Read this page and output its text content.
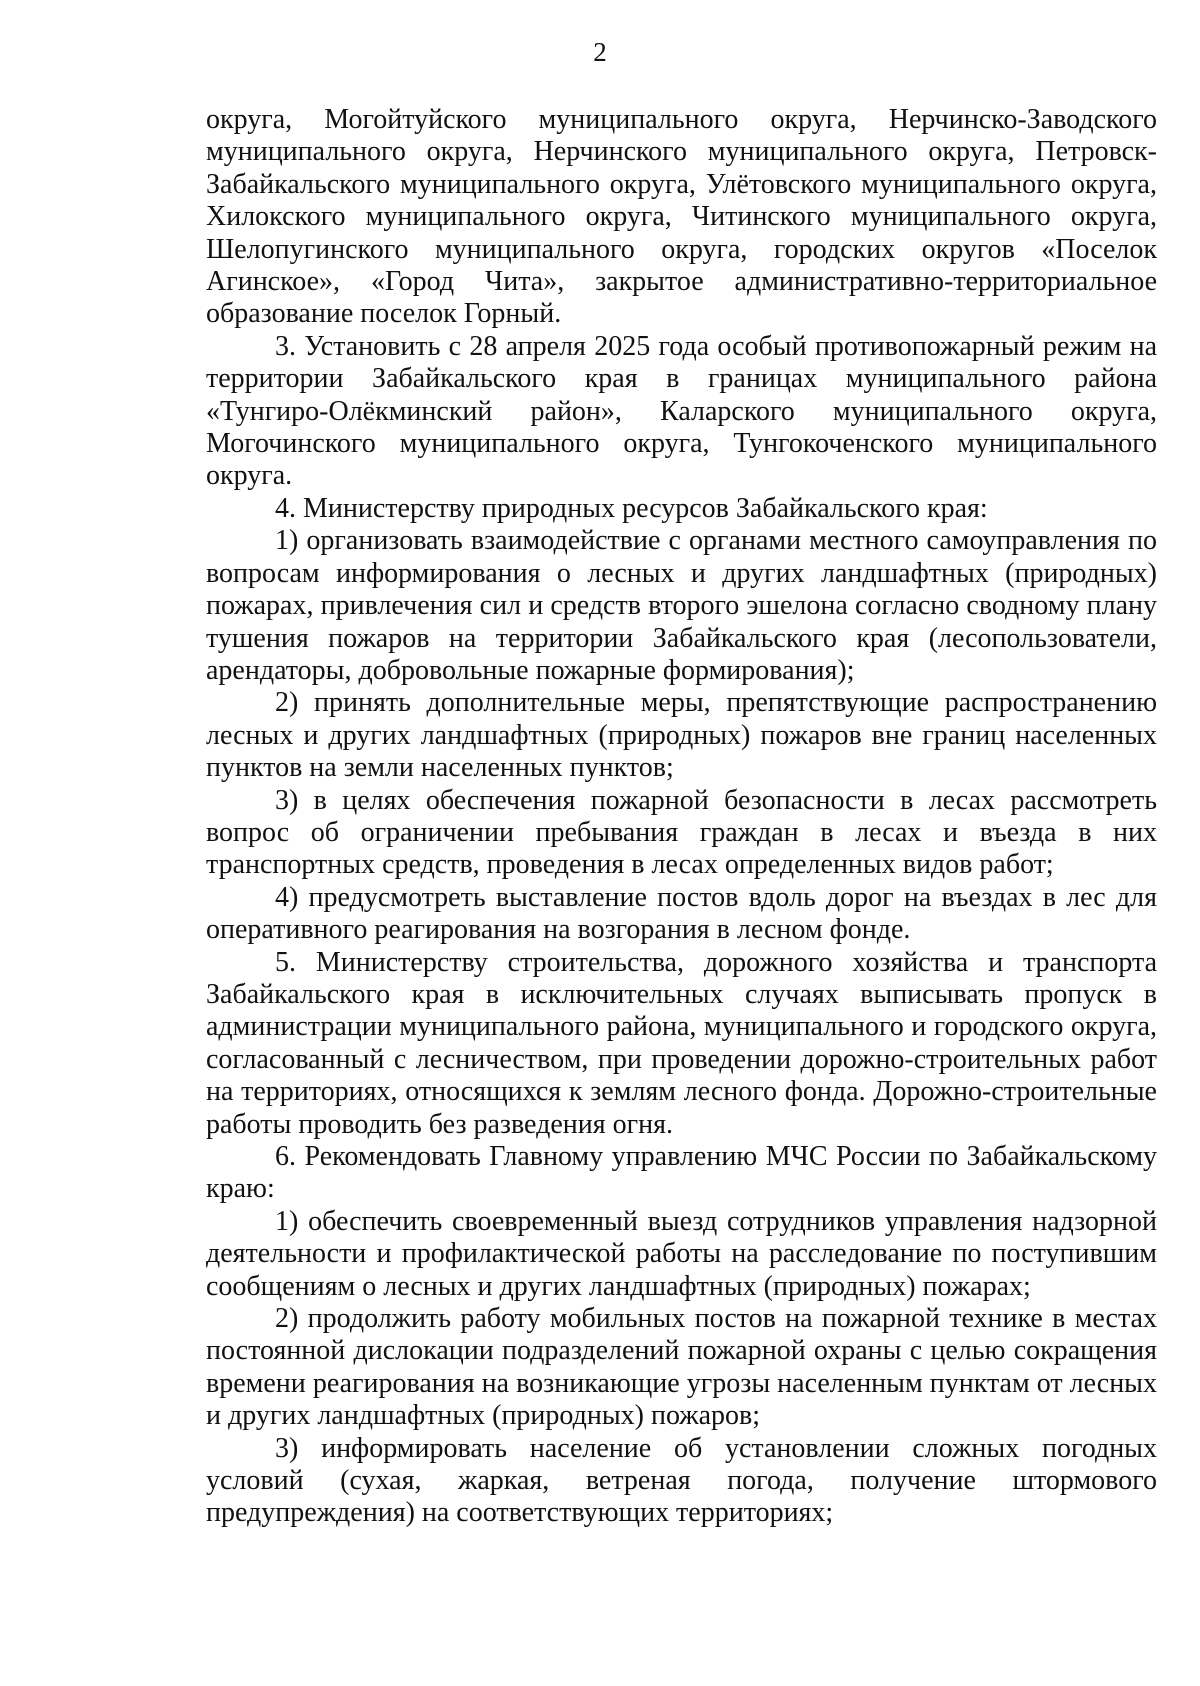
2

округа, Могойтуйского муниципального округа, Нерчинско-Заводского муниципального округа, Нерчинского муниципального округа, Петровск-Забайкальского муниципального округа, Улётовского муниципального округа, Хилокского муниципального округа, Читинского муниципального округа, Шелопугинского муниципального округа, городских округов «Поселок Агинское», «Город Чита», закрытое административно-территориальное образование поселок Горный.

3. Установить с 28 апреля 2025 года особый противопожарный режим на территории Забайкальского края в границах муниципального района «Тунгиро-Олёкминский район», Каларского муниципального округа, Могочинского муниципального округа, Тунгокоченского муниципального округа.

4. Министерству природных ресурсов Забайкальского края:

1) организовать взаимодействие с органами местного самоуправления по вопросам информирования о лесных и других ландшафтных (природных) пожарах, привлечения сил и средств второго эшелона согласно сводному плану тушения пожаров на территории Забайкальского края (лесопользователи, арендаторы, добровольные пожарные формирования);

2) принять дополнительные меры, препятствующие распространению лесных и других ландшафтных (природных) пожаров вне границ населенных пунктов на земли населенных пунктов;

3) в целях обеспечения пожарной безопасности в лесах рассмотреть вопрос об ограничении пребывания граждан в лесах и въезда в них транспортных средств, проведения в лесах определенных видов работ;

4) предусмотреть выставление постов вдоль дорог на въездах в лес для оперативного реагирования на возгорания в лесном фонде.

5. Министерству строительства, дорожного хозяйства и транспорта Забайкальского края в исключительных случаях выписывать пропуск в администрации муниципального района, муниципального и городского округа, согласованный с лесничеством, при проведении дорожно-строительных работ на территориях, относящихся к землям лесного фонда. Дорожно-строительные работы проводить без разведения огня.

6. Рекомендовать Главному управлению МЧС России по Забайкальскому краю:

1) обеспечить своевременный выезд сотрудников управления надзорной деятельности и профилактической работы на расследование по поступившим сообщениям о лесных и других ландшафтных (природных) пожарах;

2) продолжить работу мобильных постов на пожарной технике в местах постоянной дислокации подразделений пожарной охраны с целью сокращения времени реагирования на возникающие угрозы населенным пунктам от лесных и других ландшафтных (природных) пожаров;

3) информировать население об установлении сложных погодных условий (сухая, жаркая, ветреная погода, получение штормового предупреждения) на соответствующих территориях;
